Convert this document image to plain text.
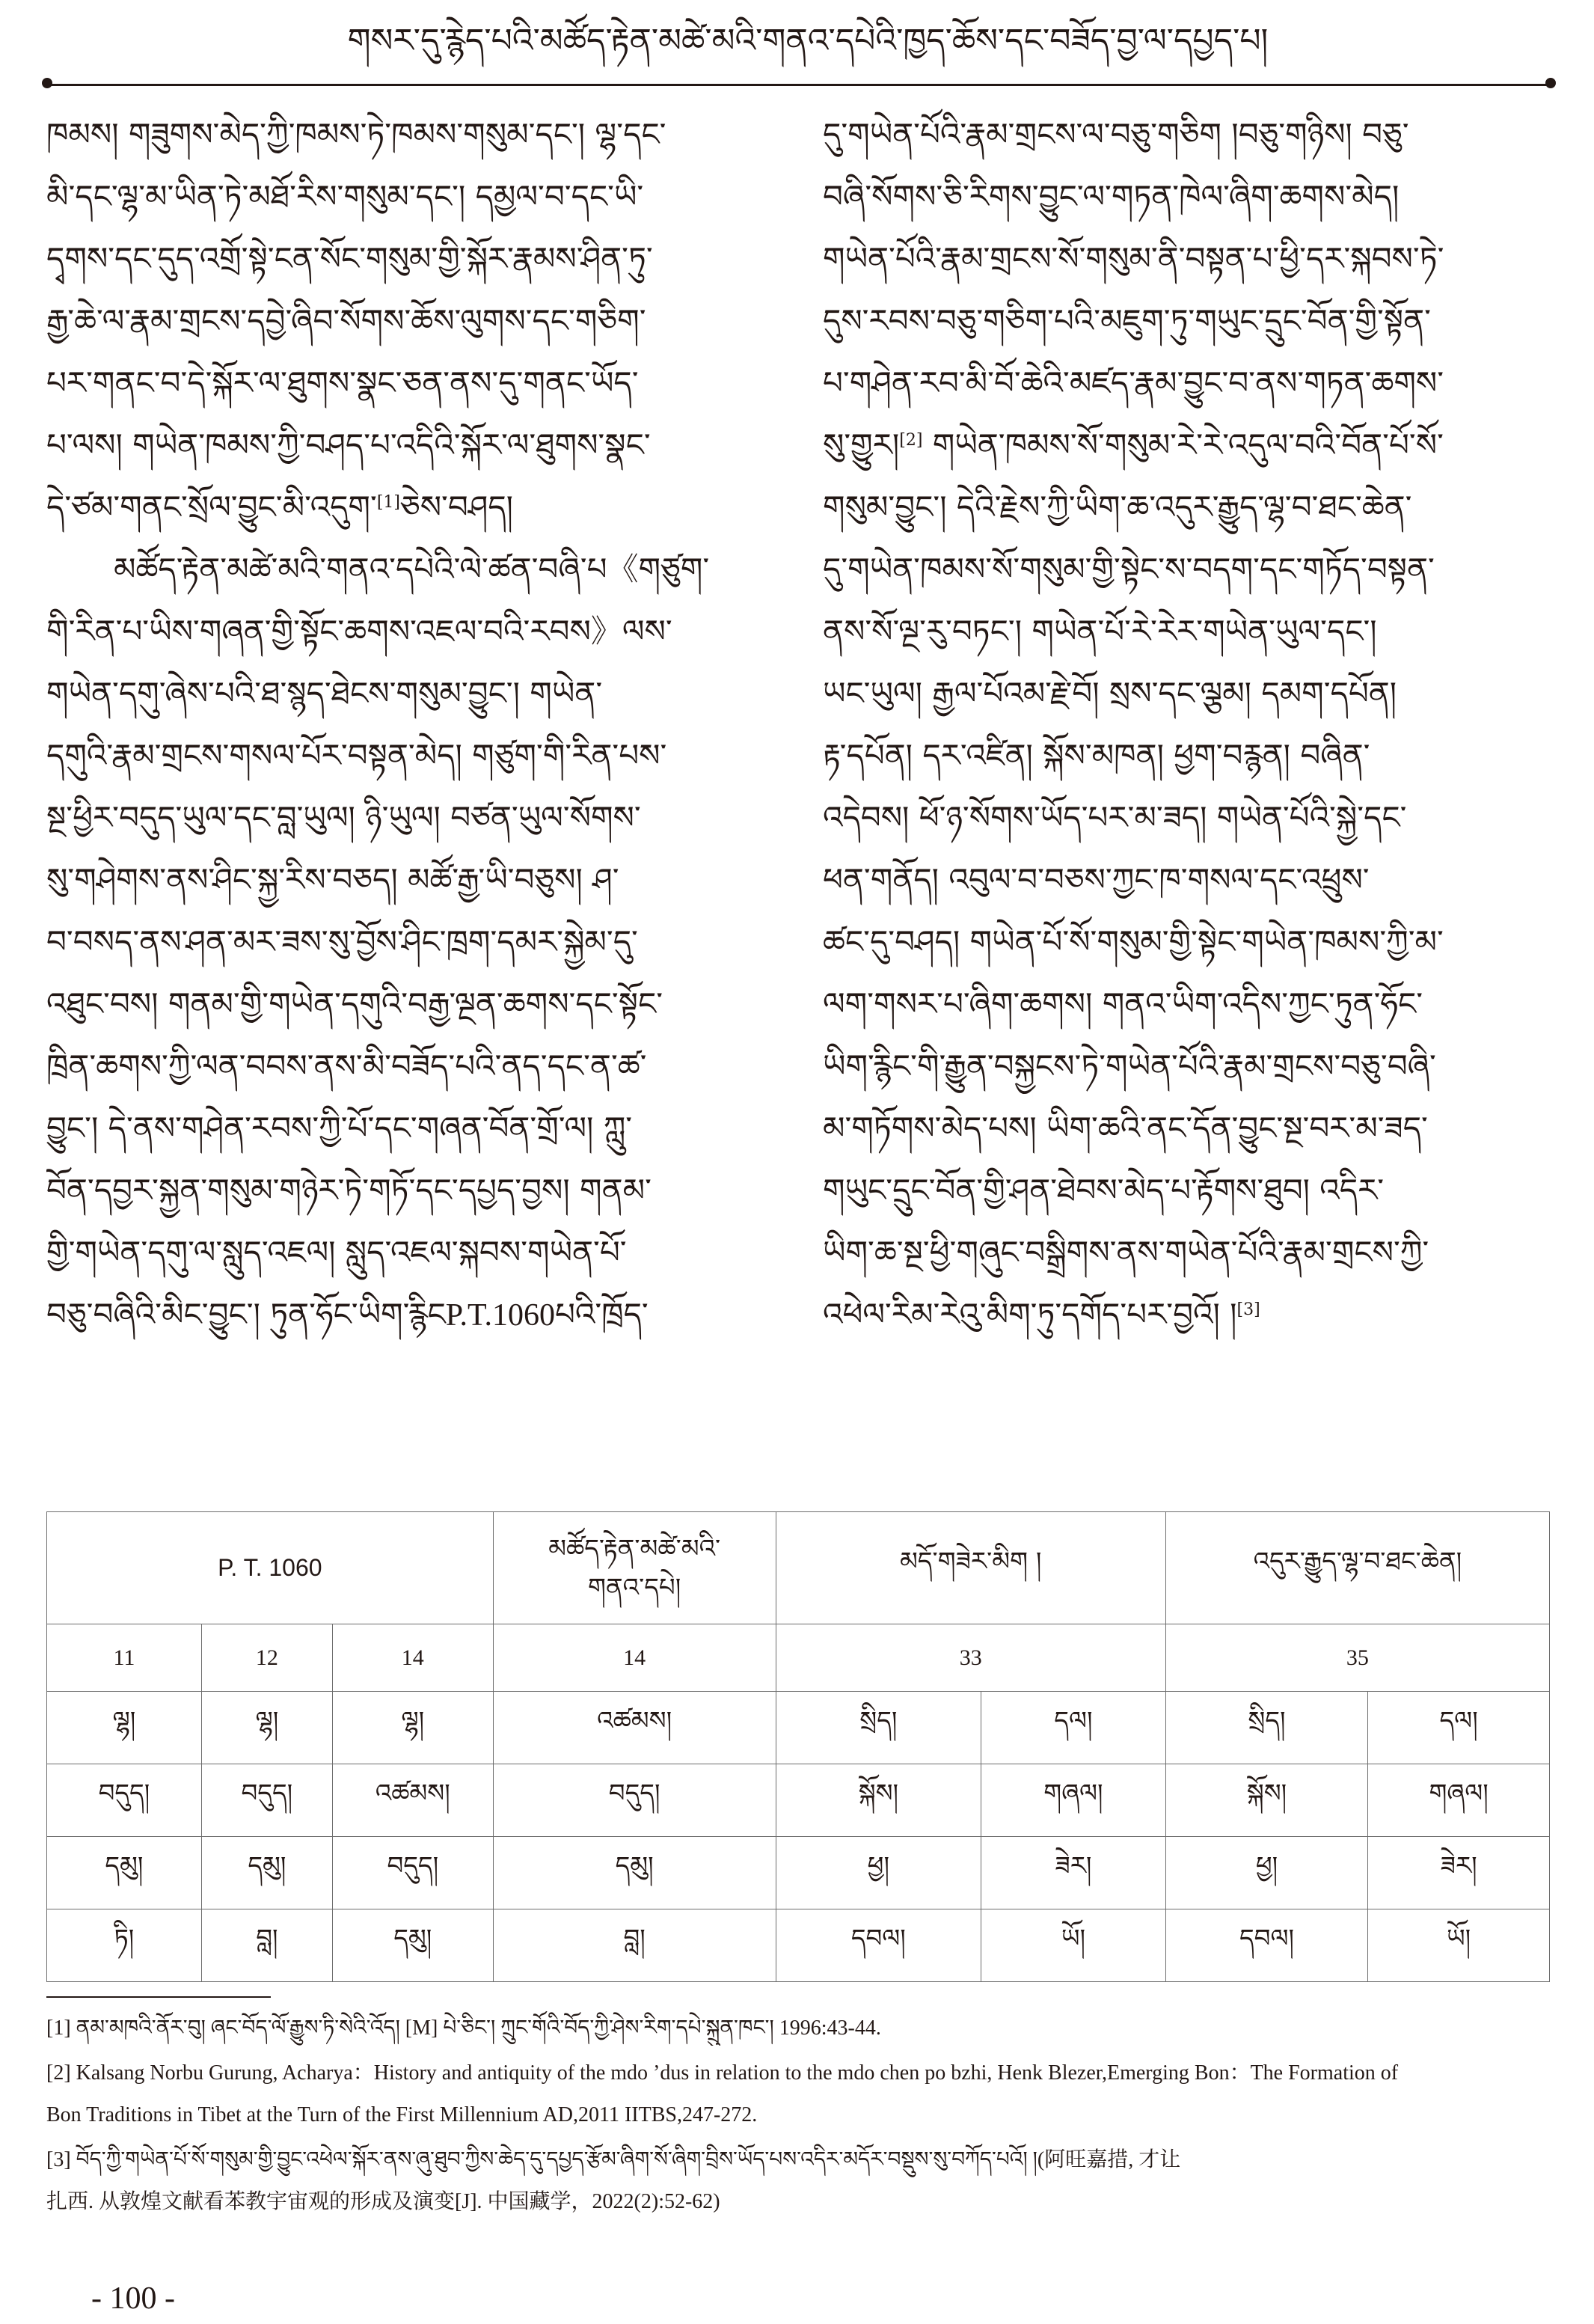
གསར་དུ་རྙེད་པའི་མཚོད་རྟེན་མཚེ་མའི་གནའ་དཔེའི་ཁྱད་ཆོས་དང་བཟོད་བྱ་ལ་དཔྱད་པ།

ཁམས། གཟུགས་མེད་ཀྱི་ཁམས་ཏེ་ཁམས་གསུམ་དང་། ལྷ་དང་

མི་དང་ལྷ་མ་ཡིན་ཏེ་མཐོ་རིས་གསུམ་དང་། དམྱལ་བ་དང་ཡི་

དྭགས་དང་དུད་འགྲོ་སྟེ་ངན་སོང་གསུམ་གྱི་སྐོར་རྣམས་ཤིན་ཏུ་

རྒྱ་ཆེ་ལ་རྣམ་གྲངས་དབྱེ་ཞིབ་སོགས་ཆོས་ལུགས་དང་གཅིག་

པར་གནང་བ་དེ་སྐོར་ལ་ཐུགས་སྣང་ཅན་ནས་དུ་གནང་ཡོད་

པ་ལས། གཡེན་ཁམས་ཀྱི་བཤད་པ་འདིའི་སྐོར་ལ་ཐུགས་སྣང་

དེ་ཙམ་གནང་སྲོལ་བྱུང་མི་འདུག་[1]ཅེས་བཤད།

མཚོད་རྟེན་མཚེ་མའི་གནའ་དཔེའི་ལེ་ཚན་བཞི་པ《གཙུག་

གི་རིན་པ་ཡིས་གཞན་གྱི་སྟོང་ཆགས་འཇལ་བའི་རབས》ལས་

གཡེན་དགུ་ཞེས་པའི་ཐ་སྙད་ཐེངས་གསུམ་བྱུང་། གཡེན་

དགུའི་རྣམ་གྲངས་གསལ་པོར་བསྟན་མེད། གཙུག་གི་རིན་པས་

སྔ་ཕྱིར་བདུད་ཡུལ་དང་བླ་ཡུལ། ཉི་ཡུལ། བཙན་ཡུལ་སོགས་

སུ་གཤེགས་ནས་ཤིང་སྐྱ་རིས་བཅད། མཚོ་རྒྱ་ཡི་བཅུས། ཤ་

བ་བསད་ནས་ཤན་མར་ཟས་སུ་བྱོས་ཤིང་ཁྲག་དམར་སྐྱེམ་དུ་

འཐུང་བས། གནམ་གྱི་གཡེན་དགུའི་བརྒྱ་ལྔན་ཆགས་དང་སྟོང་

ཁྲིན་ཆགས་ཀྱི་ལན་བབས་ནས་མི་བཟོད་པའི་ནད་དང་ན་ཚ་

བྱུང་། དེ་ནས་གཤེན་རབས་ཀྱི་པོ་དང་གཞན་བོན་གྲོ་ལ། ཀླུ་

བོན་དབྱར་སྐྱན་གསུམ་གཉེར་ཏེ་གཏོ་དང་དཔྱད་བྱས། གནམ་

གྱི་གཡེན་དགུ་ལ་སླུད་འཇལ། སླུད་འཇལ་སྐབས་གཡེན་པོ་

བཅུ་བཞིའི་མིང་བྱུང་། ཏུན་ཧོང་ཡིག་རྙིངP.T.1060པའི་ཁྲོད་

དུ་གཡེན་པོའི་རྣམ་གྲངས་ལ་བཅུ་གཅིག །བཅུ་གཉིས། བཅུ་

བཞི་སོགས་ཅི་རིགས་བྱུང་ལ་གཏན་ཁེལ་ཞིག་ཆགས་མེད།

གཡེན་པོའི་རྣམ་གྲངས་སོ་གསུམ་ནི་བསྟན་པ་ཕྱི་དར་སྐབས་ཏེ་

དུས་རབས་བཅུ་གཅིག་པའི་མཇུག་ཏུ་གཡུང་དྲུང་བོན་གྱི་སྟོན་

པ་གཤེན་རབ་མི་བོ་ཆེའི་མཛད་རྣམ་བྱུང་བ་ནས་གཏན་ཆགས་

སུ་གྱུར།[2] གཡེན་ཁམས་སོ་གསུམ་རེ་རེ་འདུལ་བའི་བོན་པོ་སོ་

གསུམ་བྱུང་། དེའི་རྗེས་ཀྱི་ཡིག་ཆ་འདུར་རྒྱུད་ལྷ་བ་ཐང་ཆེན་

དུ་གཡེན་ཁམས་སོ་གསུམ་གྱི་སྟེང་ས་བདག་དང་གཏོད་བསྟན་

ནས་སོ་ལྔ་རུ་བཏང་། གཡེན་པོ་རེ་རེར་གཡེན་ཡུལ་དང་།

ཡང་ཡུལ། རྒྱལ་པོའམ་རྗེ་བོ། སྲས་དང་ལྕམ། དམག་དཔོན།

རྟ་དཔོན། དར་འཛིན། སྐོས་མཁན། ཕྱག་བརྙན། བཞིན་

འདེབས། ཕོ་ཉ་སོགས་ཡོད་པར་མ་ཟད། གཡེན་པོའི་སྐྱེ་དང་

ཕན་གནོད། འབུལ་བ་བཅས་ཀྱང་ཁ་གསལ་དང་འཕྲུས་

ཚང་དུ་བཤད། གཡེན་པོ་སོ་གསུམ་གྱི་སྟེང་གཡེན་ཁམས་ཀྱི་མ་

ལག་གསར་པ་ཞིག་ཆགས། གནའ་ཡིག་འདིས་ཀྱང་ཏུན་ཧོང་

ཡིག་རྙིང་གི་རྒྱུན་བསྐྱངས་ཏེ་གཡེན་པོའི་རྣམ་གྲངས་བཅུ་བཞི་

མ་གཏོགས་མེད་པས། ཡིག་ཆའི་ནང་དོན་བྱུང་སྔ་བར་མ་ཟད་

གཡུང་དྲུང་བོན་གྱི་ཤན་ཐེབས་མེད་པ་རྟོགས་ཐུབ། འདིར་

ཡིག་ཆ་སྔ་ཕྱི་གཞུང་བསྒྲིགས་ནས་གཡེན་པོའི་རྣམ་གྲངས་ཀྱི་

འཕེལ་རིམ་རེའུ་མིག་ཏུ་དགོད་པར་བྱའོ། །[3]

P. T. 1060			མཚོད་རྟེན་མཚེ་མའི་གནའ་དཔེ།	མདོ་གཟེར་མིག །		འདུར་རྒྱུད་ལྷ་བ་ཐང་ཆེན།	
11	12	14	14	33		35	
ལྷ།	ལྷ།	ལྷ།	འཚམས།	སྲིད།	དལ།	སྲིད།	དལ།
བདུད།	བདུད།	འཚམས།	བདུད།	སྐོས།	གཞལ།	སྐོས།	གཞལ།
དམུ།	དམུ།	བདུད།	དམུ།	ཕྱ།	ཟེར།	ཕྱ།	ཟེར།
ཏི།	བླ།	དམུ།	བླ།	དབལ།	ཡོ།	དབལ།	ཡོ།
[1] ནམ་མཁའི་ནོར་བུ། ཞང་བོད་ལོ་རྒྱུས་ཏི་སེའི་འོད། [M] པེ་ཅིང་། ཀྲུང་གོའི་བོད་ཀྱི་ཤེས་རིག་དཔེ་སྐྲུན་ཁང་། 1996:43-44.
[2] Kalsang Norbu Gurung, Acharya：History and antiquity of the mdo ’dus in relation to the mdo chen po bzhi, Henk Blezer,Emerging Bon：The Formation of
Bon Traditions in Tibet at the Turn of the First Millennium AD,2011 IITBS,247-272.
[3] བོད་ཀྱི་གཡེན་པོ་སོ་གསུམ་གྱི་བྱུང་འཕེལ་སྐོར་ནས་ཞུ་ཐུབ་ཀྱིས་ཆེད་དུ་དཔྱད་རྩོམ་ཞིག་སོ་ཞིག་བྲིས་ཡོད་པས་འདིར་མདོར་བསྡུས་སུ་བཀོད་པའོ། །(阿旺嘉措, 才让
扎西. 从敦煌文献看苯教宇宙观的形成及演变[J]. 中国藏学，2022(2):52-62)
- 100 -
